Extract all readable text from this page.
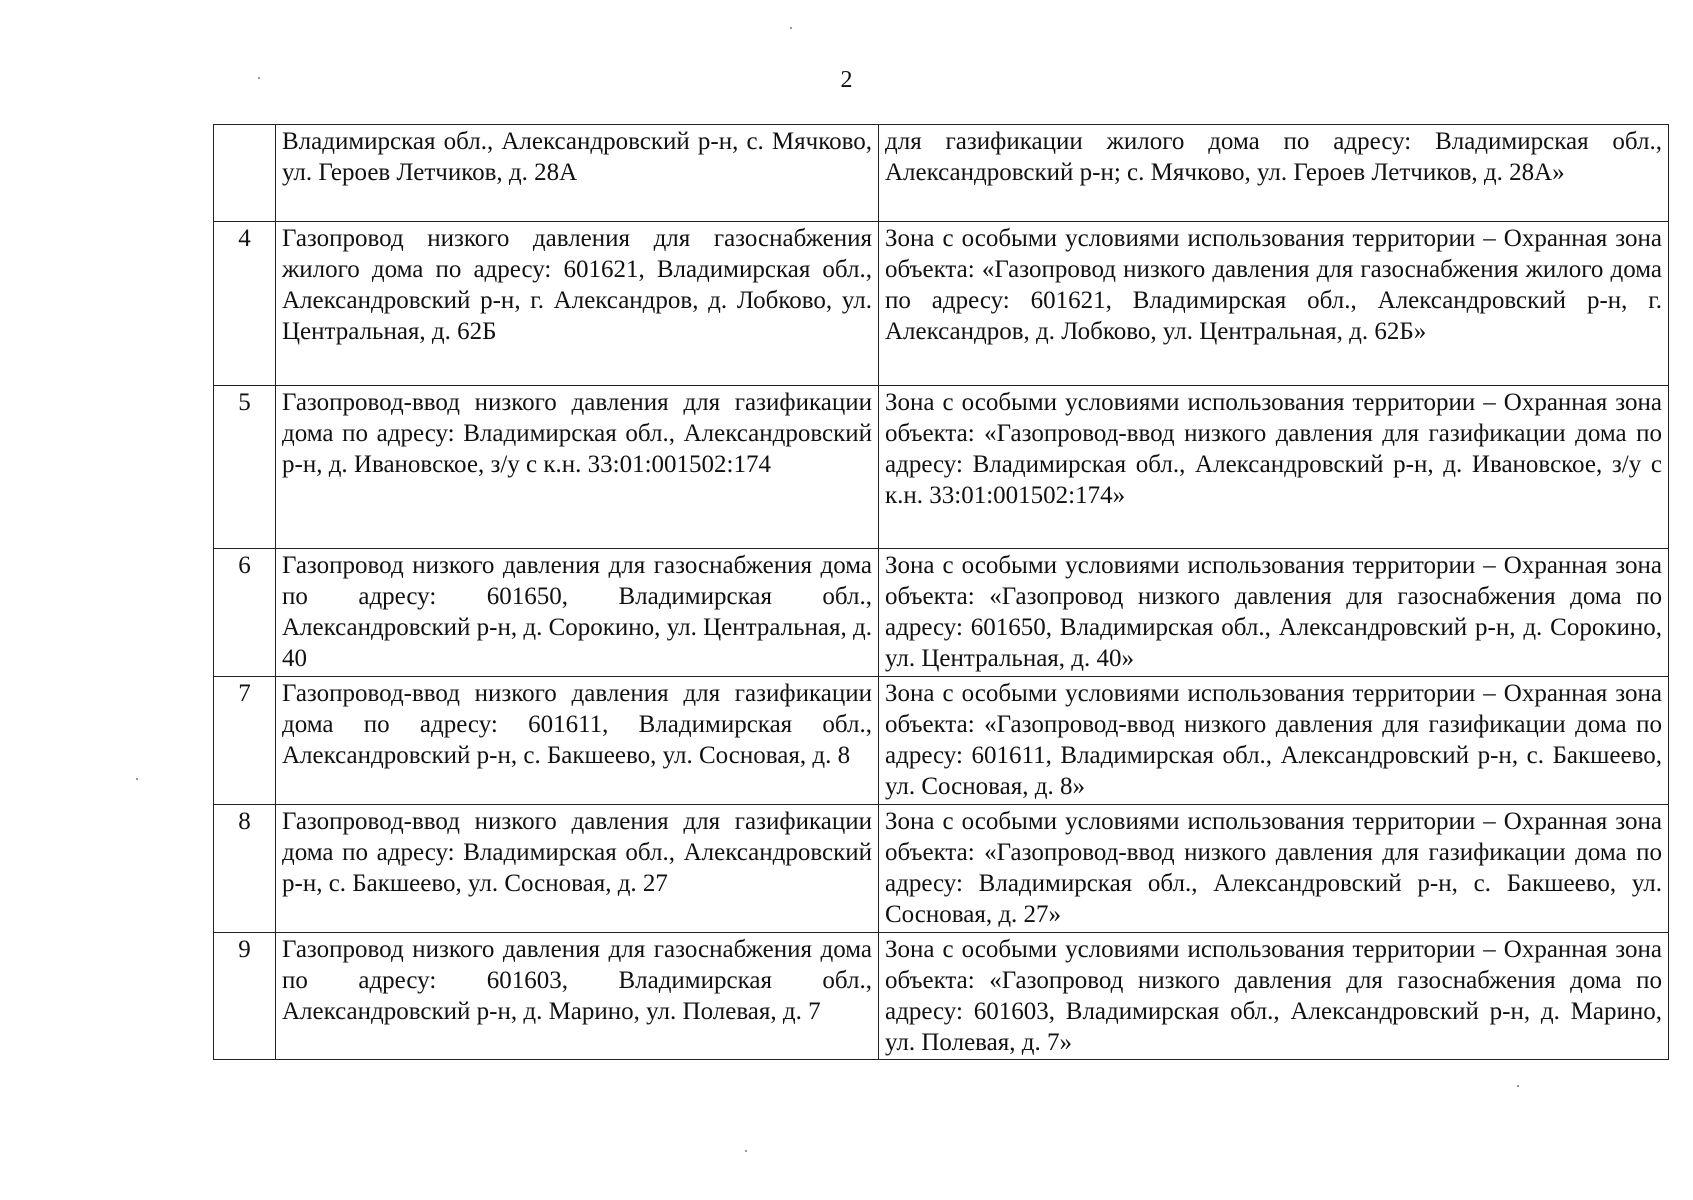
2
	Владимирская обл., Александровский р-н, с. Мячково, ул. Героев Летчиков, д. 28А	для газификации жилого дома по адресу: Владимирская обл., Александровский р-н; с. Мячково, ул. Героев Летчиков, д. 28А»
4	Газопровод низкого давления для газоснабжения жилого дома по адресу: 601621, Владимирская обл., Александровский р-н, г. Александров, д. Лобково, ул. Центральная, д. 62Б	Зона с особыми условиями использования территории – Охранная зона объекта: «Газопровод низкого давления для газоснабжения жилого дома по адресу: 601621, Владимирская обл., Александровский р-н, г. Александров, д. Лобково, ул. Центральная, д. 62Б»
5	Газопровод-ввод низкого давления для газификации дома по адресу: Владимирская обл., Александровский р-н, д. Ивановское, з/у с к.н. 33:01:001502:174	Зона с особыми условиями использования территории – Охранная зона объекта: «Газопровод-ввод низкого давления для газификации дома по адресу: Владимирская обл., Александровский р-н, д. Ивановское, з/у с к.н. 33:01:001502:174»
6	Газопровод низкого давления для газоснабжения дома по адресу: 601650, Владимирская обл., Александровский р-н, д. Сорокино, ул. Центральная, д. 40	Зона с особыми условиями использования территории – Охранная зона объекта: «Газопровод низкого давления для газоснабжения дома по адресу: 601650, Владимирская обл., Александровский р-н, д. Сорокино, ул. Центральная, д. 40»
7	Газопровод-ввод низкого давления для газификации дома по адресу: 601611, Владимирская обл., Александровский р-н, с. Бакшеево, ул. Сосновая, д. 8	Зона с особыми условиями использования территории – Охранная зона объекта: «Газопровод-ввод низкого давления для газификации дома по адресу: 601611, Владимирская обл., Александровский р-н, с. Бакшеево, ул. Сосновая, д. 8»
8	Газопровод-ввод низкого давления для газификации дома по адресу: Владимирская обл., Александровский р-н, с. Бакшеево, ул. Сосновая, д. 27	Зона с особыми условиями использования территории – Охранная зона объекта: «Газопровод-ввод низкого давления для газификации дома по адресу: Владимирская обл., Александровский р-н, с. Бакшеево, ул. Сосновая, д. 27»
9	Газопровод низкого давления для газоснабжения дома по адресу: 601603, Владимирская обл., Александровский р-н, д. Марино, ул. Полевая, д. 7	Зона с особыми условиями использования территории – Охранная зона объекта: «Газопровод низкого давления для газоснабжения дома по адресу: 601603, Владимирская обл., Александровский р-н, д. Марино, ул. Полевая, д. 7»
